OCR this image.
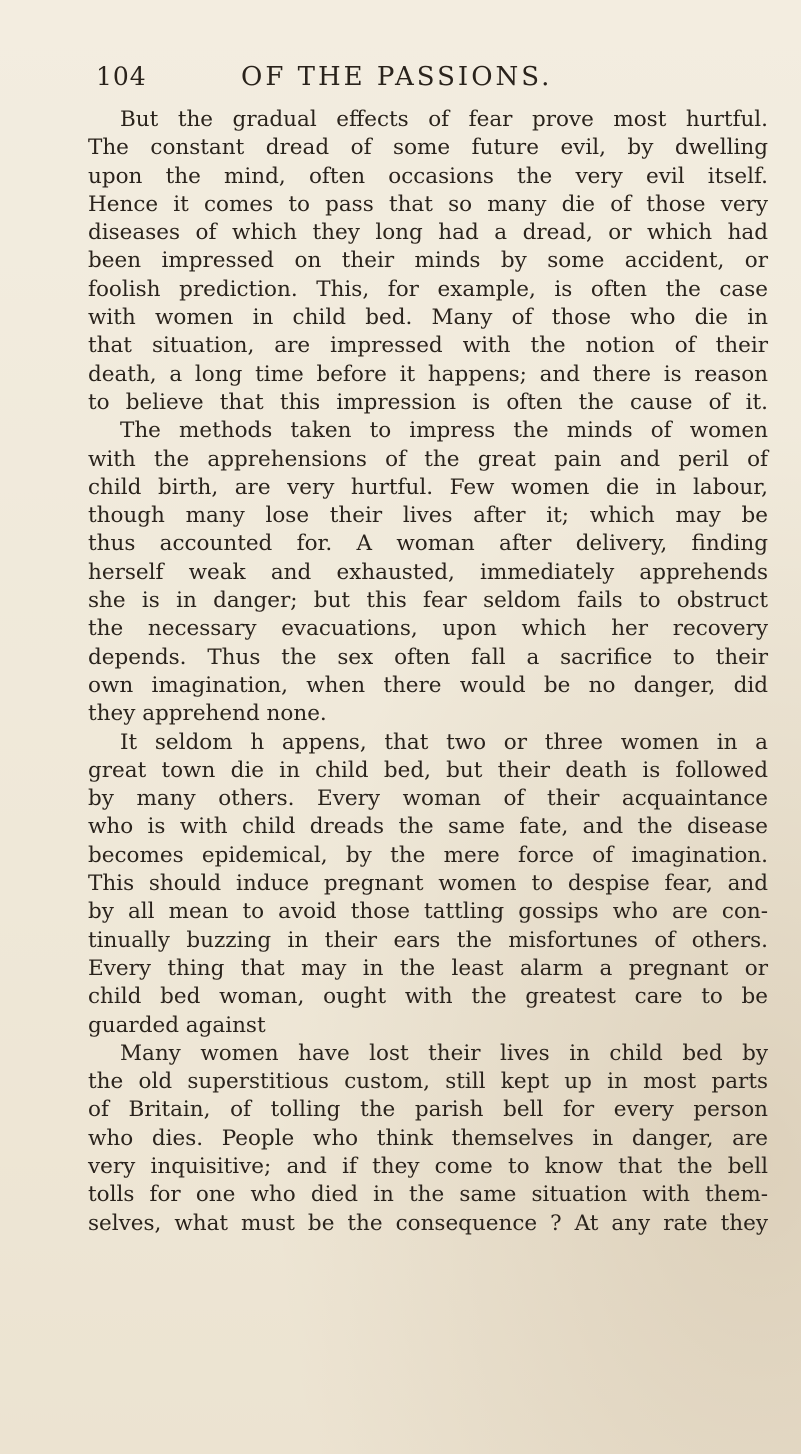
104	OF THE PASSIONS.
But the gradual effects of fear prove most hurtful.
The constant dread of some future evil, by dwelling
upon the mind, often occasions the very evil itself.
Hence it comes to pass that so many die of those very
diseases of which they long had a dread, or which had
been impressed on their minds by some accident, or
foolish prediction. This, for example, is often the case
with women in child bed. Many of those who die in
that situation, are impressed with the notion of their
death, a long time before it happens; and there is reason
to believe that this impression is often the cause of it.
The methods taken to impress the minds of women
with the apprehensions of the great pain and peril of
child birth, are very hurtful. Few women die in labour,
though many lose their lives after it; which may be
thus accounted for. A woman after delivery, finding
herself weak and exhausted, immediately apprehends
she is in danger; but this fear seldom fails to obstruct
the necessary evacuations, upon which her recovery
depends. Thus the sex often fall a sacrifice to their
own imagination, when there would be no danger, did
they apprehend none.
It seldom h appens, that two or three women in a
great town die in child bed, but their death is followed
by many others. Every woman of their acquaintance
who is with child dreads the same fate, and the disease
becomes epidemical, by the mere force of imagination.
This should induce pregnant women to despise fear, and
by all mean to avoid those tattling gossips who are con-
tinually buzzing in their ears the misfortunes of others.
Every thing that may in the least alarm a pregnant or
child bed woman, ought with the greatest care to be
guarded against
Many women have lost their lives in child bed by
the old superstitious custom, still kept up in most parts
of Britain, of tolling the parish bell for every person
who dies. People who think themselves in danger, are
very inquisitive; and if they come to know that the bell
tolls for one who died in the same situation with them-
selves, what must be the consequence ? At any rate they
